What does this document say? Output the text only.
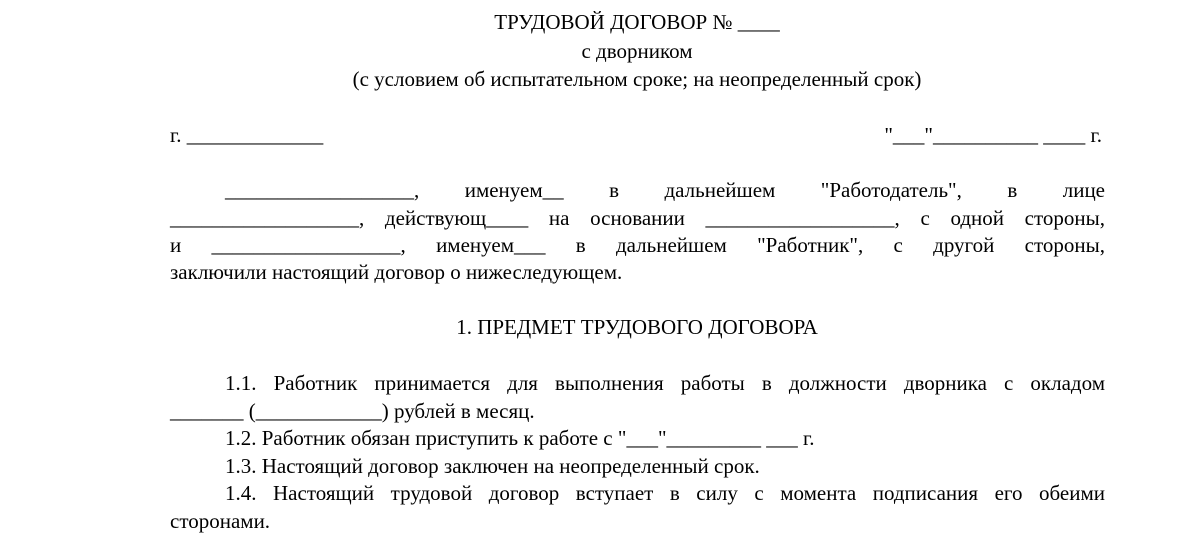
ТРУДОВОЙ ДОГОВОР № ____
с дворником
(с условием об испытательном сроке; на неопределенный срок)
г. _____________	"___"__________ ____ г.
__________________, именуем__ в дальнейшем "Работодатель", в лице
__________________, действующ____ на основании __________________, с одной стороны,
и __________________, именуем___ в дальнейшем "Работник", с другой стороны,
заключили настоящий договор о нижеследующем.
1. ПРЕДМЕТ ТРУДОВОГО ДОГОВОРА
1.1. Работник принимается для выполнения работы в должности дворника с окладом
_______ (____________) рублей в месяц.
1.2. Работник обязан приступить к работе с "___"_________ ___ г.
1.3. Настоящий договор заключен на неопределенный срок.
1.4. Настоящий трудовой договор вступает в силу с момента подписания его обеими
сторонами.
